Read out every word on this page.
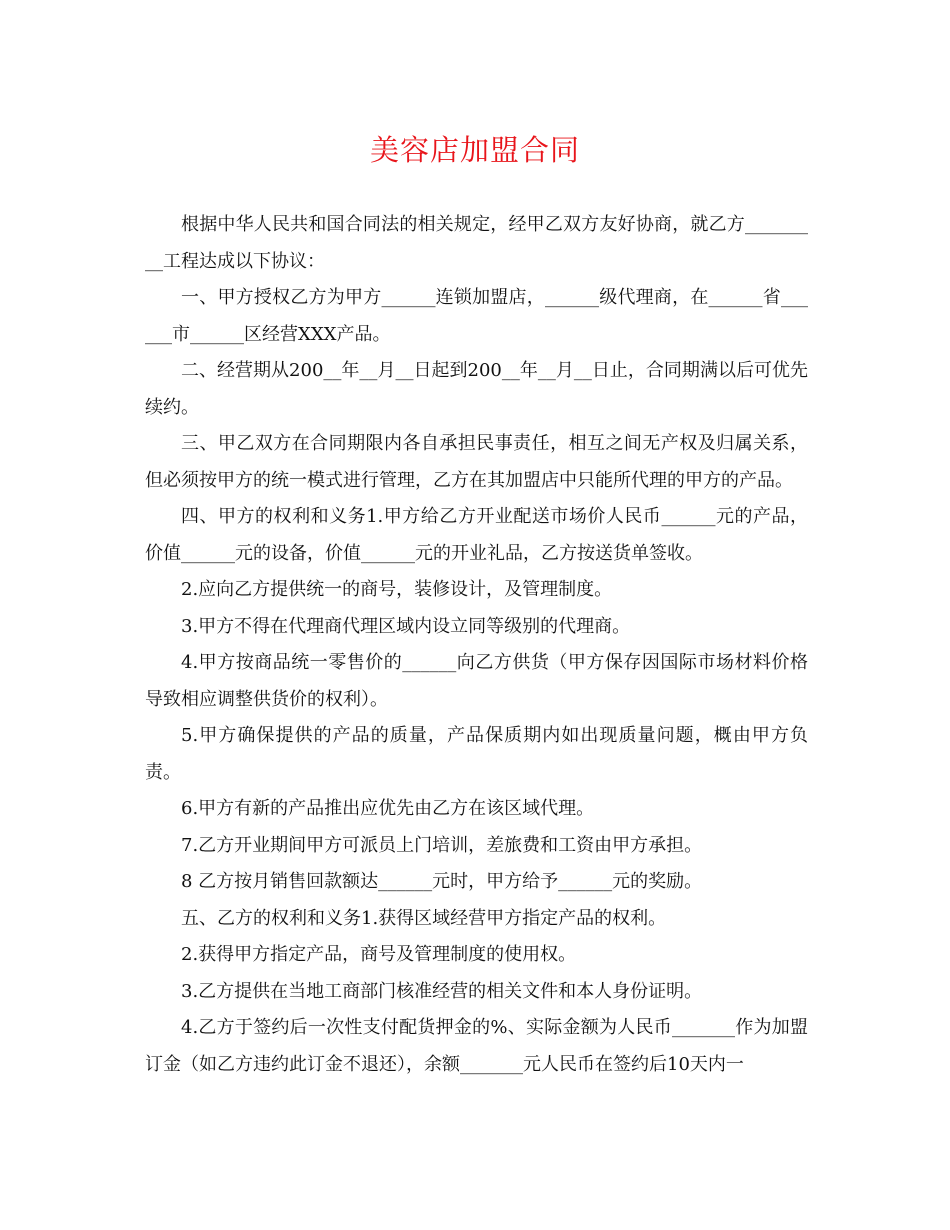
美容店加盟合同

根据中华人民共和国合同法的相关规定，经甲乙双方友好协商，就乙方_________工程达成以下协议：

一、甲方授权乙方为甲方______连锁加盟店，______级代理商，在______省______市______区经营XXX产品。

二、经营期从200__年__月__日起到200__年__月__日止，合同期满以后可优先续约。

三、甲乙双方在合同期限内各自承担民事责任，相互之间无产权及归属关系，但必须按甲方的统一模式进行管理，乙方在其加盟店中只能所代理的甲方的产品。

四、甲方的权利和义务1.甲方给乙方开业配送市场价人民币______元的产品，价值______元的设备，价值______元的开业礼品，乙方按送货单签收。

2.应向乙方提供统一的商号，装修设计，及管理制度。

3.甲方不得在代理商代理区域内设立同等级别的代理商。

4.甲方按商品统一零售价的______向乙方供货（甲方保存因国际市场材料价格导致相应调整供货价的权利）。

5.甲方确保提供的产品的质量，产品保质期内如出现质量问题，概由甲方负责。

6.甲方有新的产品推出应优先由乙方在该区域代理。

7.乙方开业期间甲方可派员上门培训，差旅费和工资由甲方承担。

8 乙方按月销售回款额达______元时，甲方给予______元的奖励。

五、乙方的权利和义务1.获得区域经营甲方指定产品的权利。

2.获得甲方指定产品，商号及管理制度的使用权。

3.乙方提供在当地工商部门核准经营的相关文件和本人身份证明。

4.乙方于签约后一次性支付配货押金的%、实际金额为人民币_______作为加盟订金（如乙方违约此订金不退还），余额_______元人民币在签约后10天内一
